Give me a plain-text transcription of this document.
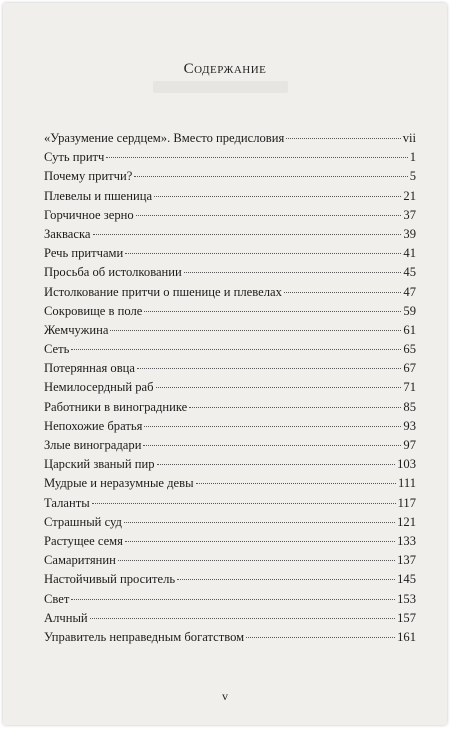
Содержание
«Уразумение сердцем». Вместо предисловия	vii
Суть притч	1
Почему притчи?	5
Плевелы и пшеница	21
Горчичное зерно	37
Закваска	39
Речь притчами	41
Просьба об истолковании	45
Истолкование притчи о пшенице и плевелах	47
Сокровище в поле	59
Жемчужина	61
Сеть	65
Потерянная овца	67
Немилосердный раб	71
Работники в винограднике	85
Непохожие братья	93
Злые виноградари	97
Царский званый пир	103
Мудрые и неразумные девы	111
Таланты	117
Страшный суд	121
Растущее семя	133
Самаритянин	137
Настойчивый проситель	145
Свет	153
Алчный	157
Управитель неправедным богатством	161
v
